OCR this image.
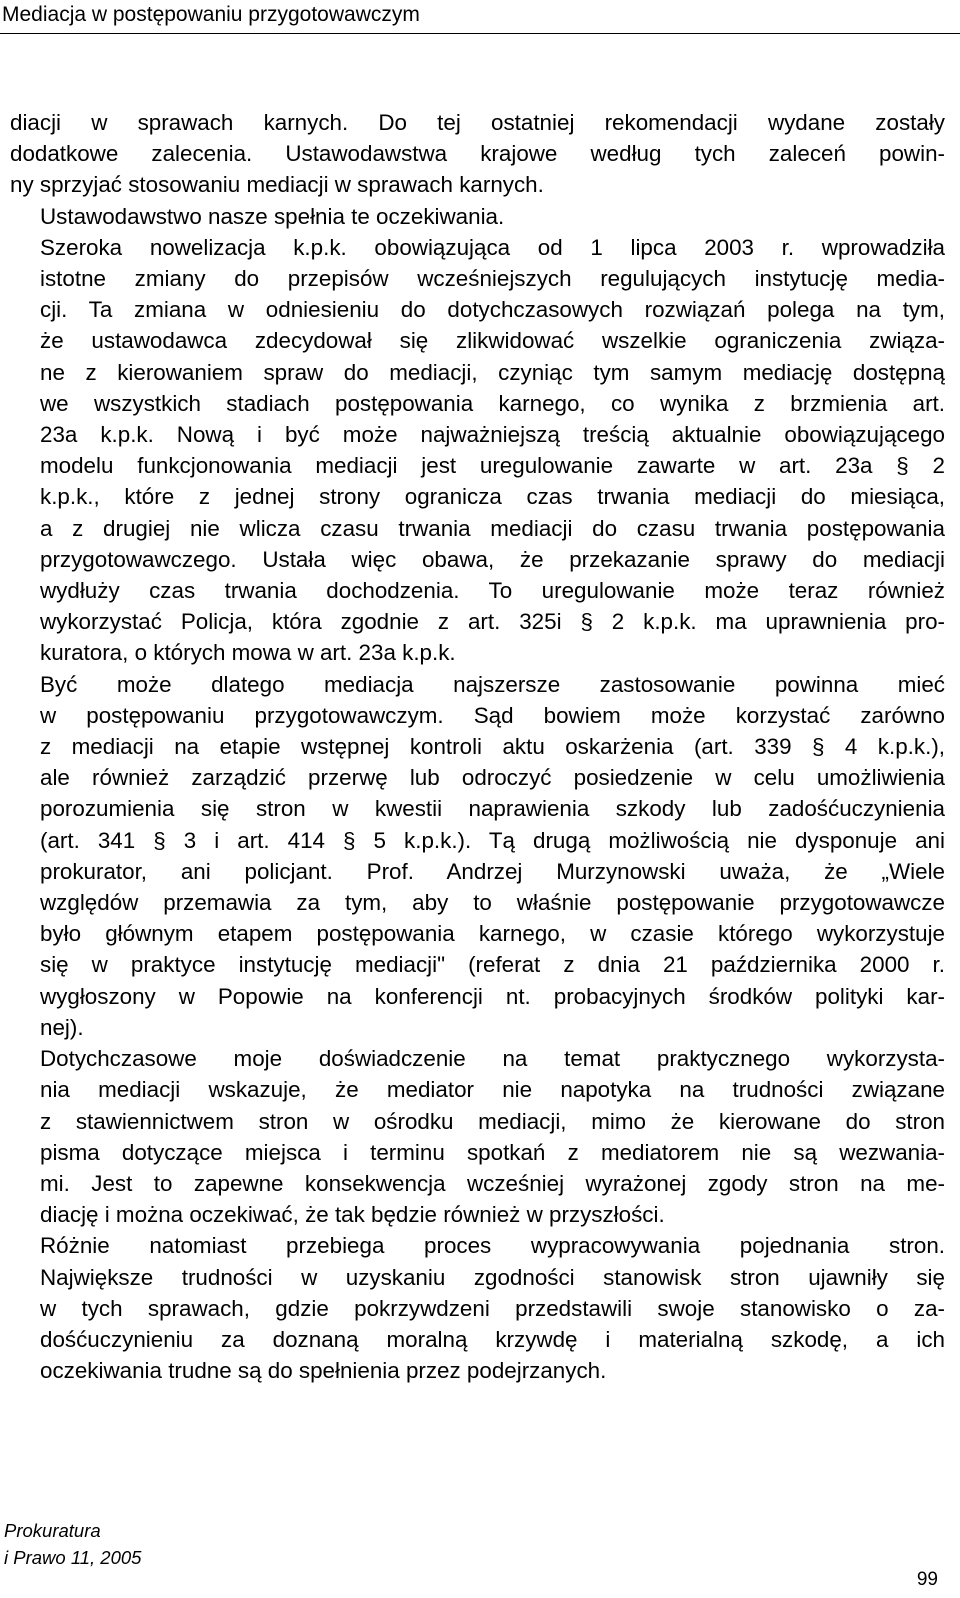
Mediacja w postępowaniu przygotowawczym

diacji w sprawach karnych. Do tej ostatniej rekomendacji wydane zostały
dodatkowe zalecenia. Ustawodawstwa krajowe według tych zaleceń powin-
ny sprzyjać stosowaniu mediacji w sprawach karnych.

Ustawodawstwo nasze spełnia te oczekiwania.

Szeroka nowelizacja k.p.k. obowiązująca od 1 lipca 2003 r. wprowadziła
istotne zmiany do przepisów wcześniejszych regulujących instytucję media-
cji. Ta zmiana w odniesieniu do dotychczasowych rozwiązań polega na tym,
że ustawodawca zdecydował się zlikwidować wszelkie ograniczenia związa-
ne z kierowaniem spraw do mediacji, czyniąc tym samym mediację dostępną
we wszystkich stadiach postępowania karnego, co wynika z brzmienia art.
23a k.p.k. Nową i być może najważniejszą treścią aktualnie obowiązującego
modelu funkcjonowania mediacji jest uregulowanie zawarte w art. 23a § 2
k.p.k., które z jednej strony ogranicza czas trwania mediacji do miesiąca,
a z drugiej nie wlicza czasu trwania mediacji do czasu trwania postępowania
przygotowawczego. Ustała więc obawa, że przekazanie sprawy do mediacji
wydłuży czas trwania dochodzenia. To uregulowanie może teraz również
wykorzystać Policja, która zgodnie z art. 325i § 2 k.p.k. ma uprawnienia pro-
kuratora, o których mowa w art. 23a k.p.k.

Być może dlatego mediacja najszersze zastosowanie powinna mieć
w postępowaniu przygotowawczym. Sąd bowiem może korzystać zarówno
z mediacji na etapie wstępnej kontroli aktu oskarżenia (art. 339 § 4 k.p.k.),
ale również zarządzić przerwę lub odroczyć posiedzenie w celu umożliwienia
porozumienia się stron w kwestii naprawienia szkody lub zadośćuczynienia
(art. 341 § 3 i art. 414 § 5 k.p.k.). Tą drugą możliwością nie dysponuje ani
prokurator, ani policjant. Prof. Andrzej Murzynowski uważa, że „Wiele
względów przemawia za tym, aby to właśnie postępowanie przygotowawcze
było głównym etapem postępowania karnego, w czasie którego wykorzystuje
się w praktyce instytucję mediacji" (referat z dnia 21 października 2000 r.
wygłoszony w Popowie na konferencji nt. probacyjnych środków polityki kar-
nej).

Dotychczasowe moje doświadczenie na temat praktycznego wykorzysta-
nia mediacji wskazuje, że mediator nie napotyka na trudności związane
z stawiennictwem stron w ośrodku mediacji, mimo że kierowane do stron
pisma dotyczące miejsca i terminu spotkań z mediatorem nie są wezwania-
mi. Jest to zapewne konsekwencja wcześniej wyrażonej zgody stron na me-
diację i można oczekiwać, że tak będzie również w przyszłości.

Różnie natomiast przebiega proces wypracowywania pojednania stron.
Największe trudności w uzyskaniu zgodności stanowisk stron ujawniły się
w tych sprawach, gdzie pokrzywdzeni przedstawili swoje stanowisko o za-
dośćuczynieniu za doznaną moralną krzywdę i materialną szkodę, a ich
oczekiwania trudne są do spełnienia przez podejrzanych.

Prokuratura
i Prawo 11, 2005
99
